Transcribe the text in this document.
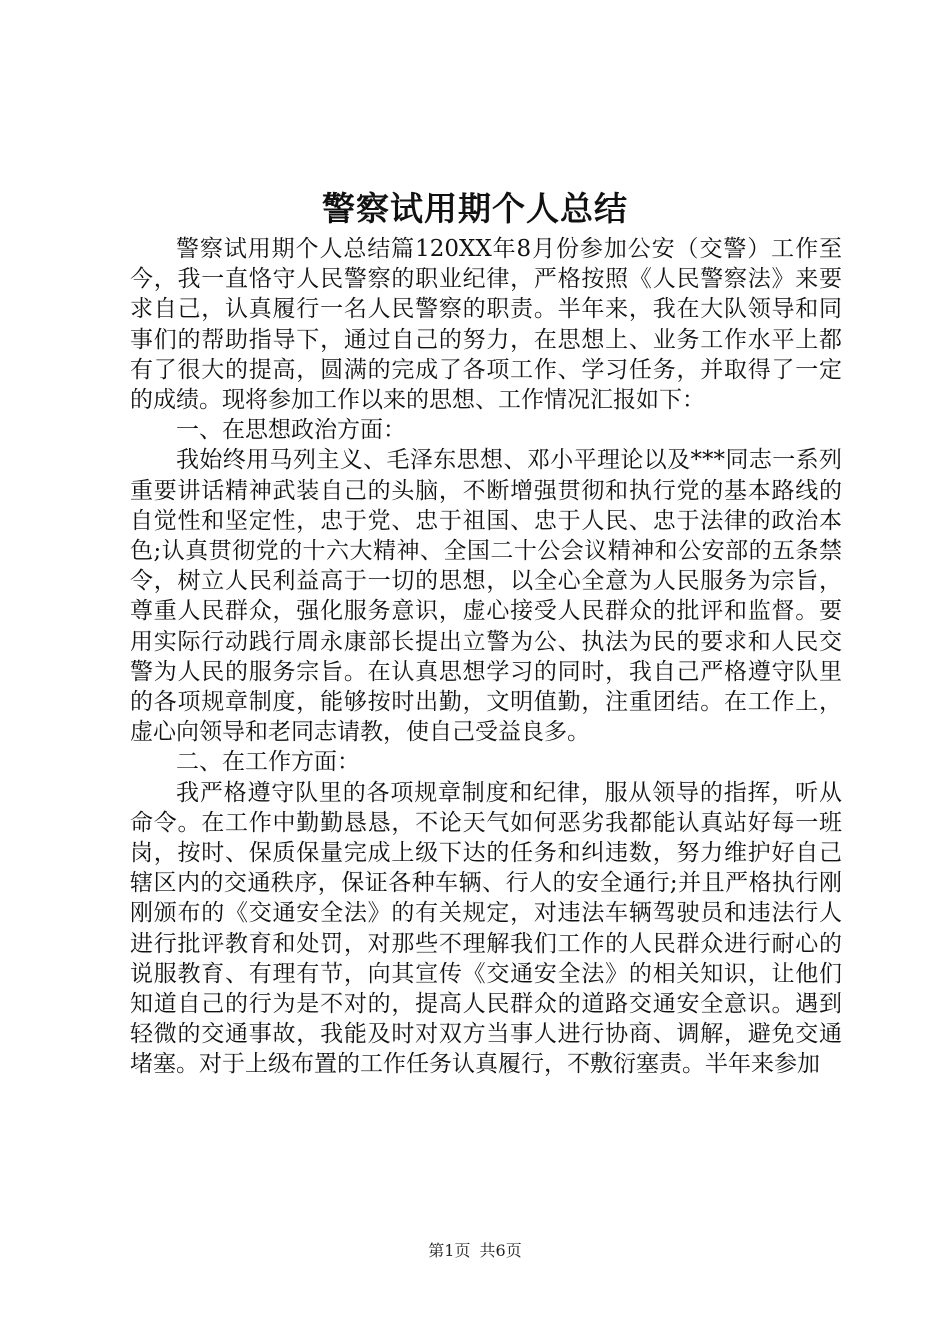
警察试用期个人总结

警察试用期个人总结篇120XX年8月份参加公安（交警）工作至今，我一直恪守人民警察的职业纪律，严格按照《人民警察法》来要求自己，认真履行一名人民警察的职责。半年来，我在大队领导和同事们的帮助指导下，通过自己的努力，在思想上、业务工作水平上都有了很大的提高，圆满的完成了各项工作、学习任务，并取得了一定的成绩。现将参加工作以来的思想、工作情况汇报如下：

一、在思想政治方面：

我始终用马列主义、毛泽东思想、邓小平理论以及***同志一系列重要讲话精神武装自己的头脑，不断增强贯彻和执行党的基本路线的自觉性和坚定性，忠于党、忠于祖国、忠于人民、忠于法律的政治本色;认真贯彻党的十六大精神、全国二十公会议精神和公安部的五条禁令，树立人民利益高于一切的思想，以全心全意为人民服务为宗旨，尊重人民群众，强化服务意识，虚心接受人民群众的批评和监督。要用实际行动践行周永康部长提出立警为公、执法为民的要求和人民交警为人民的服务宗旨。在认真思想学习的同时，我自己严格遵守队里的各项规章制度，能够按时出勤，文明值勤，注重团结。在工作上，虚心向领导和老同志请教，使自己受益良多。

二、在工作方面：

我严格遵守队里的各项规章制度和纪律，服从领导的指挥，听从命令。在工作中勤勤恳恳，不论天气如何恶劣我都能认真站好每一班岗，按时、保质保量完成上级下达的任务和纠违数，努力维护好自己辖区内的交通秩序，保证各种车辆、行人的安全通行;并且严格执行刚刚颁布的《交通安全法》的有关规定，对违法车辆驾驶员和违法行人进行批评教育和处罚，对那些不理解我们工作的人民群众进行耐心的说服教育、有理有节，向其宣传《交通安全法》的相关知识，让他们知道自己的行为是不对的，提高人民群众的道路交通安全意识。遇到轻微的交通事故，我能及时对双方当事人进行协商、调解，避免交通堵塞。对于上级布置的工作任务认真履行，不敷衍塞责。半年来参加

第1页 共6页
